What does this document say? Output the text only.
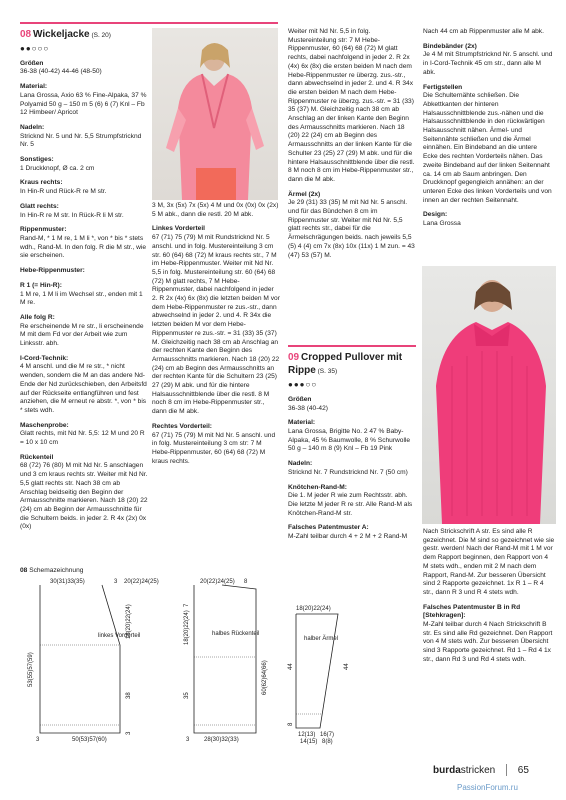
08 Wickeljacke (S. 20)
●●○○○
Größen
36-38 (40-42) 44-46 (48-50)
Material:
Lana Grossa, Axio 63 % Fine-Alpaka, 37 % Polyamid 50 g – 150 m 5 (6) 6 (7) Knl – Fb 12 Himbeer/ Apricot
Nadeln:
Stricknd Nr. 5 und Nr. 5,5 Strumpfstricknd Nr. 5
Sonstiges:
1 Druckknopf, Ø ca. 2 cm
Kraus rechts:
In Hin-R und Rück-R re M str.
Glatt rechts:
In Hin-R re M str. In Rück-R li M str.
Rippenmuster:
Rand-M, * 1 M re, 1 M li *, von * bis * stets wdh., Rand-M. In den folg. R die M str., wie sie erscheinen.
Hebe-Rippenmuster:
R 1 (= Hin-R):
1 M re, 1 M li im Wechsel str., enden mit 1 M re.
Alle folg R:
Re erscheinende M re str., li erscheinende M mit dem Fd vor der Arbeit wie zum Linksstr. abh.
I-Cord-Technik:
4 M anschl. und die M re str., * nicht wenden, sondern die M an das andere Nd-Ende der Nd zurückschieben, den Arbeitsfd auf der Rückseite entlangführen und fest anziehen, die M erneut re abstr. *, von * bis * stets wdh.
Maschenprobe:
Glatt rechts, mit Nd Nr. 5,5: 12 M und 20 R = 10 x 10 cm
Rückenteil
68 (72) 76 (80) M mit Nd Nr. 5 anschlagen und 3 cm kraus rechts str. Weiter mit Nd Nr. 5,5 glatt rechts str. Nach 38 cm ab Anschlag beidseitig den Beginn der Armausschnitte markieren. Nach 18 (20) 22 (24) cm ab Beginn der Armausschnitte für die Schultern beids. in jeder 2. R 4x (2x) 0x (0x)
3 M, 3x (5x) 7x (5x) 4 M und 0x (0x) 0x (2x) 5 M abk., dann die restl. 20 M abk.
Linkes Vorderteil
67 (71) 75 (79) M mit Rundstricknd Nr. 5 anschl. und in folg. Mustereinteilung 3 cm str. 60 (64) 68 (72) M kraus rechts str., 7 M im Hebe-Rippenmuster. Weiter mit Nd Nr. 5,5 in folg. Mustereinteilung str. 60 (64) 68 (72) M glatt rechts, 7 M Hebe-Rippenmuster, dabei nachfolgend in jeder 2. R 2x (4x) 6x (8x) die letzten beiden M vor dem Hebe-Rippenmuster re zus.-str., dann abwechselnd in jeder 2. und 4. R 34x die letzten beiden M vor dem Hebe-Rippenmuster re zus.-str. = 31 (33) 35 (37) M. Gleichzeitig nach 38 cm ab Anschlag an der rechten Kante den Beginn des Armausschnitts markieren. Nach 18 (20) 22 (24) cm ab Beginn des Armausschnitts an der rechten Kante für die Schultern 23 (25) 27 (29) M abk. und für die hintere Halsausschnittblende über die restl. 8 M noch 8 cm im Hebe-Rippenmuster str., dann die M abk.
Rechtes Vorderteil:
67 (71) 75 (79) M mit Nd Nr. 5 anschl. und in folg. Mustereinteilung 3 cm str: 7 M Hebe-Rippenmuster, 60 (64) 68 (72) M kraus rechts.
Weiter mit Nd Nr. 5,5 in folg. Mustereinteilung str: 7 M Hebe-Rippenmuster, 60 (64) 68 (72) M glatt rechts, dabei nachfolgend in jeder 2. R 2x (4x) 6x (8x) die ersten beiden M nach dem Hebe-Rippenmuster re überzg. zus.-str., dann abwechselnd in jeder 2. und 4. R 34x die ersten beiden M nach dem Hebe- Rippenmuster re überzg. zus.-str. = 31 (33) 35 (37) M. Gleichzeitig nach 38 cm ab Anschlag an der linken Kante den Beginn des Armausschnitts markieren. Nach 18 (20) 22 (24) cm ab Beginn des Armausschnitts an der linken Kante für die Schulter 23 (25) 27 (29) M abk. und für die hintere Halsausschnittblende über die restl. 8 M noch 8 cm im Hebe-Rippenmuster str., dann die M abk.
Ärmel (2x)
Je 29 (31) 33 (35) M mit Nd Nr. 5 anschl. und für das Bündchen 8 cm im Rippenmuster str. Weiter mit Nd Nr. 5,5 glatt rechts str., dabei für die Ärmelschrägungen beids. nach jeweils 5,5 (5) 4 (4) cm 7x (8x) 10x (11x) 1 M zun. = 43 (47) 53 (57) M.
Nach 44 cm ab Rippenmuster alle M abk.
Bindebänder (2x)
Je 4 M mit Strumpfstricknd Nr. 5 anschl. und in I-Cord-Technik 45 cm str., dann alle M abk.
Fertigstellen
Die Schulternähte schließen. Die Abkettkanten der hinteren Halsausschnittblende zus.-nähen und die Halsausschnittblende in den rückwärtigen Halsausschnitt nähen. Ärmel- und Seitennähte schließen und die Ärmel einnähen. Ein Bindeband an die untere Ecke des rechten Vorderteils nähen. Das zweite Bindeband auf der linken Seitennaht ca. 14 cm ab Saum anbringen. Den Druckknopf gegengleich annähen: an der unteren Ecke des linken Vorderteils und von innen an der rechten Seitennaht.
Design:
Lana Grossa
09 Cropped Pullover mit Rippe (S. 35)
●●●○○
Größen
36-38 (40-42)
Material:
Lana Grossa, Brigitte No. 2 47 % Baby-Alpaka, 45 % Baumwolle, 8 % Schurwolle 50 g – 140 m 8 (9) Knl – Fb 19 Pink
Nadeln:
Stricknd Nr. 7 Rundstricknd Nr. 7 (50 cm)
Knötchen-Rand-M:
Die 1. M jeder R wie zum Rechtsstr. abh. Die letzte M jeder R re str. Alle Rand-M als Knötchen-Rand-M str.
Falsches Patentmuster A:
M-Zahl teilbar durch 4 + 2 M + 2 Rand-M
Nach Strickschrift A str. Es sind alle R gezeichnet. Die M sind so gezeichnet wie sie gestr. werden! Nach der Rand-M mit 1 M vor dem Rapport beginnen, den Rapport von 4 M stets wdh., enden mit 2 M nach dem Rapport, Rand-M. Zur besseren Übersicht sind 2 Rapporte gezeichnet. 1x R 1 – R 4 str., dann R 3 und R 4 stets wdh.
Falsches Patentmuster B in Rd [Stehkragen]:
M-Zahl teilbar durch 4 Nach Strickschrift B str. Es sind alle Rd gezeichnet. Den Rapport von 4 M stets wdh. Zur besseren Übersicht sind 3 Rapporte gezeichnet. Rd 1 – Rd 4 1x str., dann Rd 3 und Rd 4 stets wdh.
08 Schemazeichnung
30(31)33(35)	3 20(22)24(25)
18(20)22(24)
38
3
53(55)57(59)
3	50(53)57(60)
linkes Vorderteil
20(22)24(25) 8
7
18(20)22(24)
35
60(62)64(66)
halbes Rückenteil
3 28(30)32(33)
18(20)22(24)
44
halber Ärmel
8
12(13) 16(7)
14(15) 8(8)
44
burdastricken 65
PassionForum.ru
